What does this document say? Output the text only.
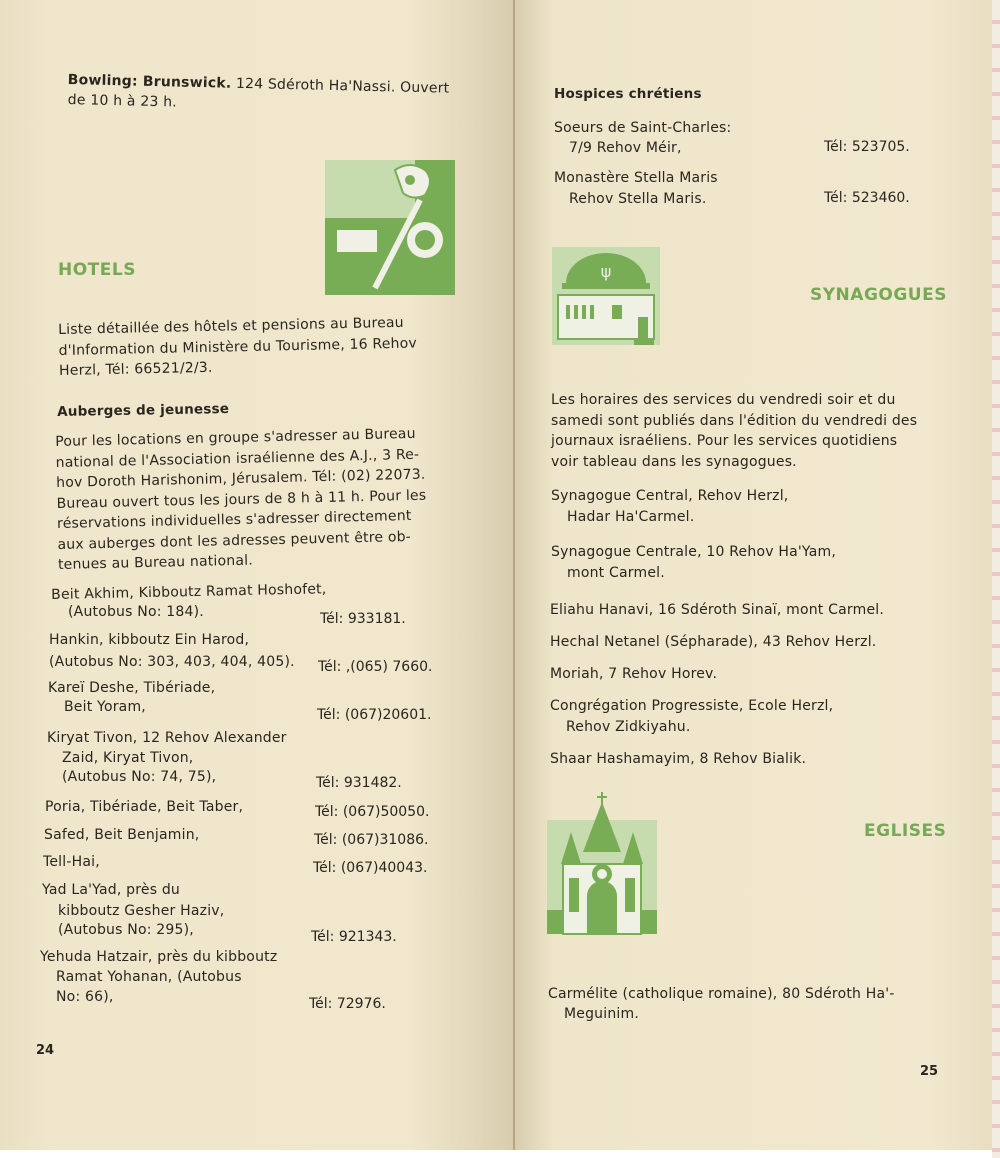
Bowling: Brunswick. 124 Sdéroth Ha'Nassi. Ouvert
de 10 h à 23 h.
HOTELS
Liste détaillée des hôtels et pensions au Bureau
d'Information du Ministère du Tourisme, 16 Rehov
Herzl, Tél: 66521/2/3.
Auberges de jeunesse
Pour les locations en groupe s'adresser au Bureau
national de l'Association israélienne des A.J., 3 Re-
hov Doroth Harishonim, Jérusalem. Tél: (02) 22073.
Bureau ouvert tous les jours de 8 h à 11 h. Pour les
réservations individuelles s'adresser directement
aux auberges dont les adresses peuvent être ob-
tenues au Bureau national.
Beit Akhim, Kibboutz Ramat Hoshofet,
(Autobus No: 184).	Tél: 933181.
Hankin, kibboutz Ein Harod,
(Autobus No: 303, 403, 404, 405). Tél: ,(065) 7660.
Kareï Deshe, Tibériade,
Beit Yoram,	Tél: (067)20601.
Kiryat Tivon, 12 Rehov Alexander
Zaid, Kiryat Tivon,
(Autobus No: 74, 75),	Tél: 931482.
Poria, Tibériade, Beit Taber,	Tél: (067)50050.
Safed, Beit Benjamin,	Tél: (067)31086.
Tell-Hai,	Tél: (067)40043.
Yad La'Yad, près du
kibboutz Gesher Haziv,
(Autobus No: 295),	Tél: 921343.
Yehuda Hatzair, près du kibboutz
Ramat Yohanan, (Autobus
No: 66),	Tél: 72976.
24
Hospices chrétiens
Soeurs de Saint-Charles:
7/9 Rehov Méir,	Tél: 523705.
Monastère Stella Maris
Rehov Stella Maris.	Tél: 523460.
ψ
SYNAGOGUES
Les horaires des services du vendredi soir et du
samedi sont publiés dans l'édition du vendredi des
journaux israéliens. Pour les services quotidiens
voir tableau dans les synagogues.
Synagogue Central, Rehov Herzl,
Hadar Ha'Carmel.
Synagogue Centrale, 10 Rehov Ha'Yam,
mont Carmel.
Eliahu Hanavi, 16 Sdéroth Sinaï, mont Carmel.
Hechal Netanel (Sépharade), 43 Rehov Herzl.
Moriah, 7 Rehov Horev.
Congrégation Progressiste, Ecole Herzl,
Rehov Zidkiyahu.
Shaar Hashamayim, 8 Rehov Bialik.
EGLISES
Carmélite (catholique romaine), 80 Sdéroth Ha'-
Meguinim.
25
